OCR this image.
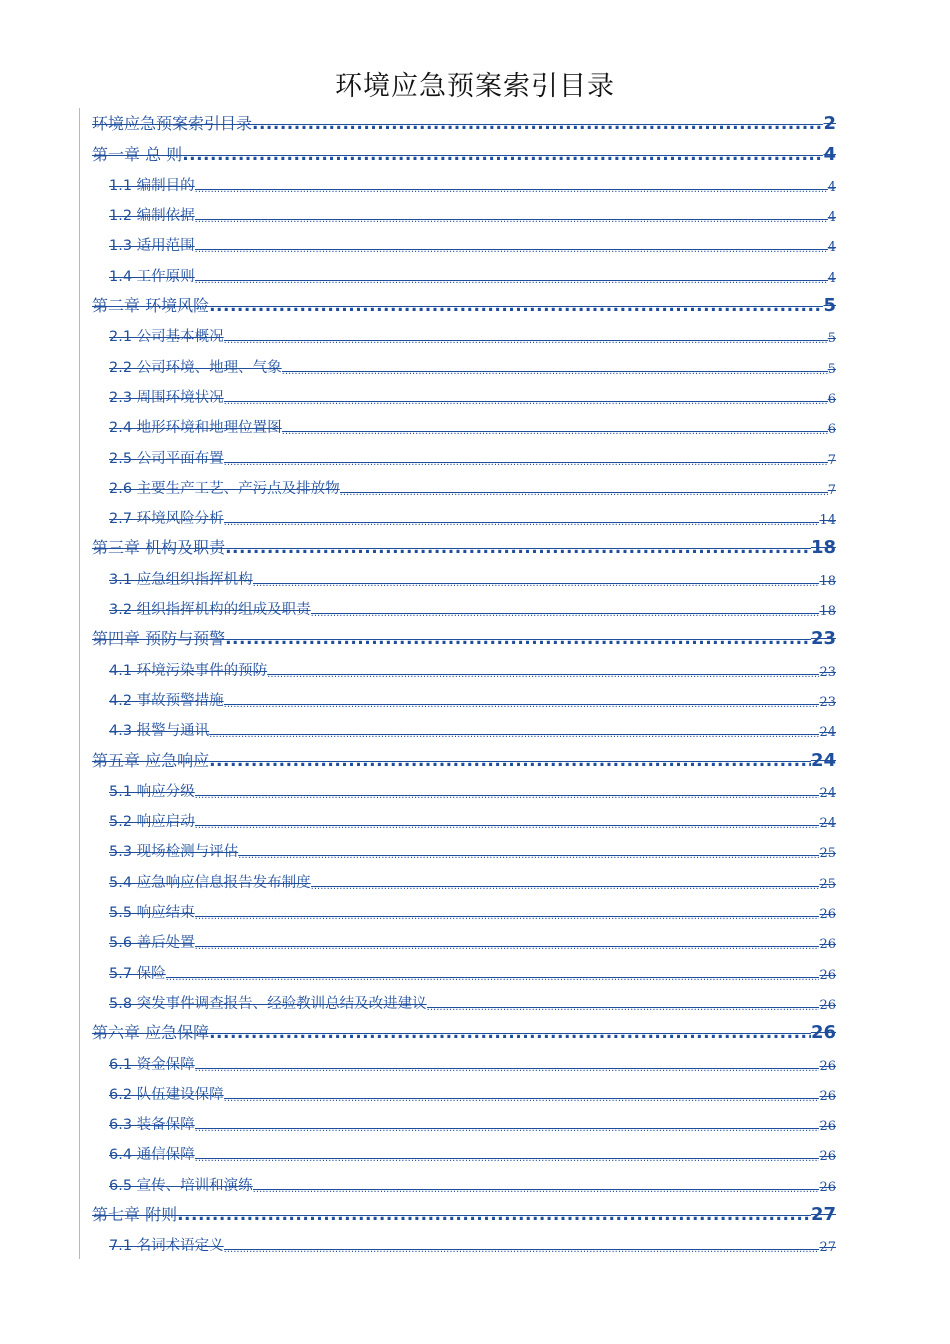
环境应急预案索引目录
环境应急预案索引目录 .....	2
第一章 总 则 .....	4
1.1 编制目的 .....	4
1.2 编制依据 .....	4
1.3 适用范围 .....	4
1.4 工作原则 .....	4
第二章 环境风险 .....	5
2.1 公司基本概况 .....	5
2.2 公司环境、地理、气象 .....	5
2.3 周围环境状况 .....	6
2.4 地形环境和地理位置图 .....	6
2.5 公司平面布置 .....	7
2.6 主要生产工艺、产污点及排放物 .....	7
2.7 环境风险分析 .....	14
第三章 机构及职责 .....	18
3.1 应急组织指挥机构 .....	18
3.2 组织指挥机构的组成及职责 .....	18
第四章 预防与预警 .....	23
4.1 环境污染事件的预防 .....	23
4.2 事故预警措施 .....	23
4.3 报警与通讯 .....	24
第五章 应急响应 .....	24
5.1 响应分级 .....	24
5.2 响应启动 .....	24
5.3 现场检测与评估 .....	25
5.4 应急响应信息报告发布制度 .....	25
5.5 响应结束 .....	26
5.6 善后处置 .....	26
5.7 保险 .....	26
5.8 突发事件调查报告、经验教训总结及改进建议 .....	26
第六章 应急保障 .....	26
6.1 资金保障 .....	26
6.2 队伍建设保障 .....	26
6.3 装备保障 .....	26
6.4 通信保障 .....	26
6.5 宣传、培训和演练 .....	26
第七章 附则 .....	27
7.1 名词术语定义 .....	27
